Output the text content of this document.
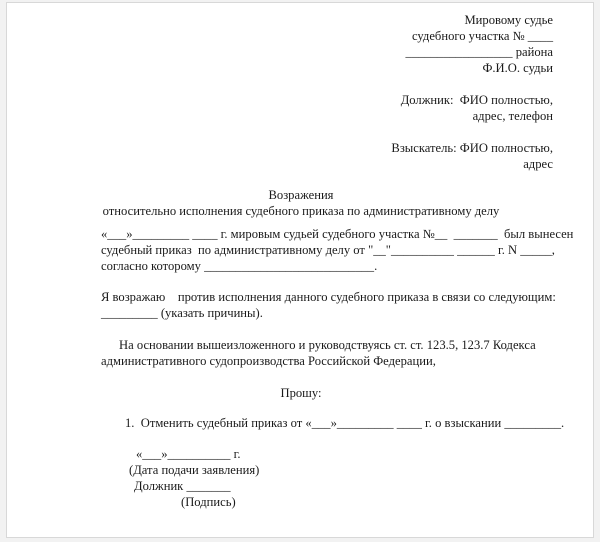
Мировому судье
судебного участка № ____
_________________ района
Ф.И.О. судьи
Должник:  ФИО полностью,
адрес, телефон
Взыскатель: ФИО полностью,
адрес
Возражения
относительно исполнения судебного приказа по административному делу
«___»_________ ____ г. мировым судьей судебного участка №__  _______  был вынесен
судебный приказ  по административному делу от "__"__________ ______ г. N _____,
согласно которому ___________________________.
Я возражаю    против исполнения данного судебного приказа в связи со следующим:
_________ (указать причины).
На основании вышеизложенного и руководствуясь ст. ст. 123.5, 123.7 Кодекса
административного судопроизводства Российской Федерации,
Прошу:
1.  Отменить судебный приказ от «___»_________ ____ г. о взыскании _________.
«___»__________ г.
(Дата подачи заявления)
Должник _______
(Подпись)
